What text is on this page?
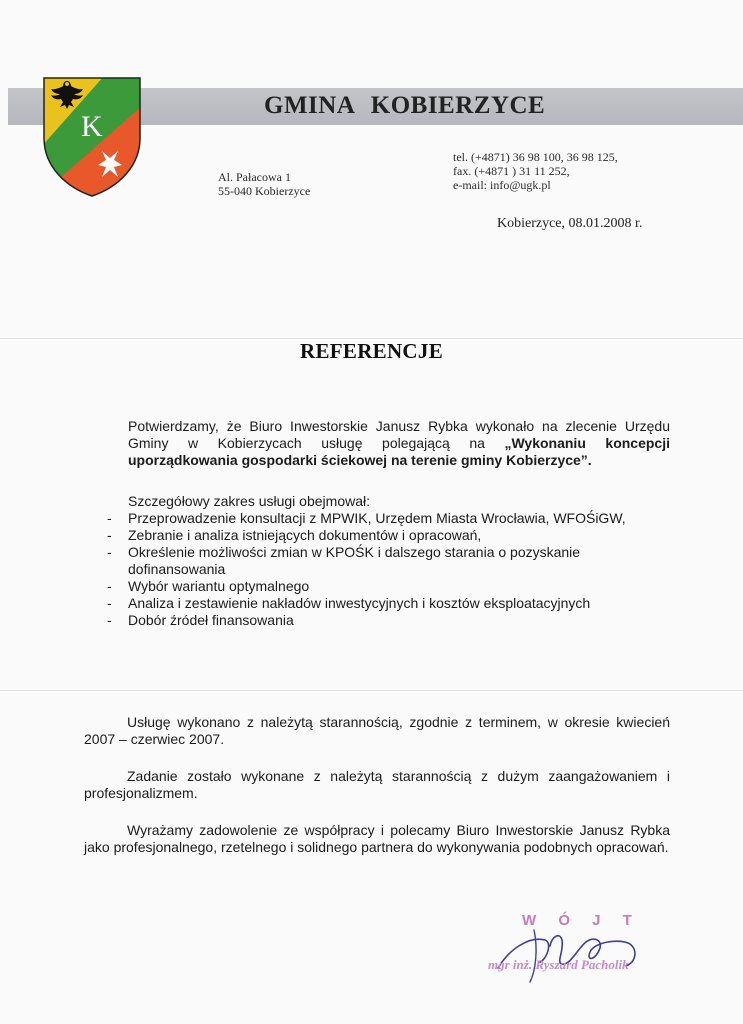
K
GMINA KOBIERZYCE
Al. Pałacowa 1
55-040 Kobierzyce
tel. (+4871) 36 98 100, 36 98 125,
fax. (+4871 ) 31 11 252,
e-mail: info@ugk.pl
Kobierzyce, 08.01.2008 r.
REFERENCJE

Potwierdzamy, że Biuro Inwestorskie Janusz Rybka wykonało na zlecenie Urzędu Gminy w Kobierzycach usługę polegającą na „Wykonaniu koncepcji uporządkowania gospodarki ściekowej na terenie gminy Kobierzyce”.

Szczegółowy zakres usługi obejmował:

- Przeprowadzenie konsultacji z MPWIK, Urzędem Miasta Wrocławia, WFOŚiGW,
- Zebranie i analiza istniejących dokumentów i opracowań,
- Określenie możliwości zmian w KPOŚK i dalszego starania o pozyskanie dofinansowania
- Wybór wariantu optymalnego
- Analiza i zestawienie nakładów inwestycyjnych i kosztów eksploatacyjnych
- Dobór źródeł finansowania

Usługę wykonano z należytą starannością, zgodnie z terminem, w okresie kwiecień 2007 – czerwiec 2007.

Zadanie zostało wykonane z należytą starannością z dużym zaangażowaniem i profesjonalizmem.

Wyrażamy zadowolenie ze współpracy i polecamy Biuro Inwestorskie Janusz Rybka jako profesjonalnego, rzetelnego i solidnego partnera do wykonywania podobnych opracowań.

W Ó J T
mgr inż. Ryszard Pacholik
